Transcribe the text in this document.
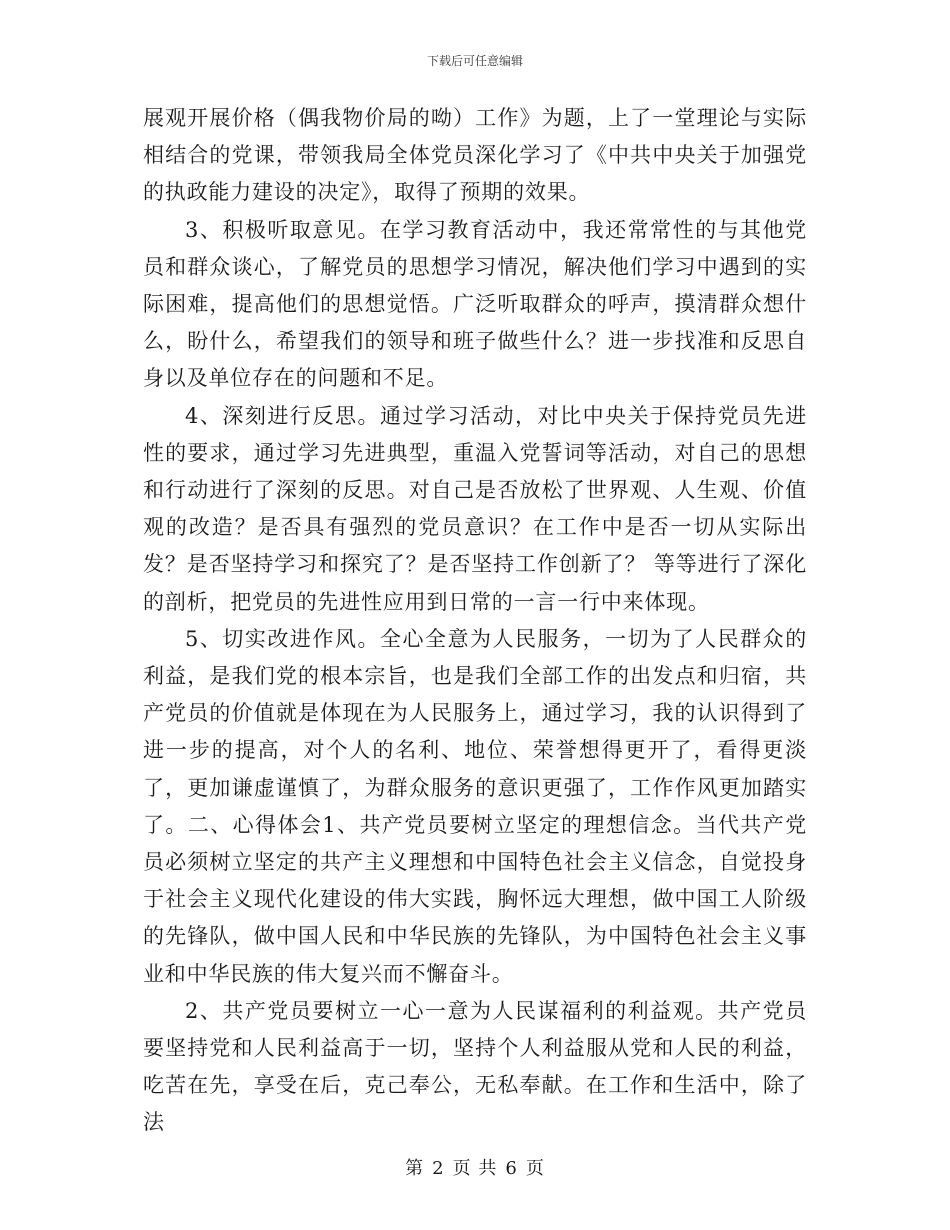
下载后可任意编辑

展观开展价格（偶我物价局的呦）工作》为题，上了一堂理论与实际相结合的党课，带领我局全体党员深化学习了《中共中央关于加强党的执政能力建设的决定》，取得了预期的效果。

3、积极听取意见。在学习教育活动中，我还常常性的与其他党员和群众谈心，了解党员的思想学习情况，解决他们学习中遇到的实际困难，提高他们的思想觉悟。广泛听取群众的呼声，摸清群众想什么，盼什么，希望我们的领导和班子做些什么？进一步找准和反思自身以及单位存在的问题和不足。

4、深刻进行反思。通过学习活动，对比中央关于保持党员先进性的要求，通过学习先进典型，重温入党誓词等活动，对自己的思想和行动进行了深刻的反思。对自己是否放松了世界观、人生观、价值观的改造？是否具有强烈的党员意识？在工作中是否一切从实际出发？是否坚持学习和探究了？是否坚持工作创新了？ 等等进行了深化的剖析，把党员的先进性应用到日常的一言一行中来体现。

5、切实改进作风。全心全意为人民服务，一切为了人民群众的利益，是我们党的根本宗旨，也是我们全部工作的出发点和归宿，共产党员的价值就是体现在为人民服务上，通过学习，我的认识得到了进一步的提高，对个人的名利、地位、荣誉想得更开了，看得更淡了，更加谦虚谨慎了，为群众服务的意识更强了，工作作风更加踏实了。二、心得体会1、共产党员要树立坚定的理想信念。当代共产党员必须树立坚定的共产主义理想和中国特色社会主义信念，自觉投身于社会主义现代化建设的伟大实践，胸怀远大理想，做中国工人阶级的先锋队，做中国人民和中华民族的先锋队，为中国特色社会主义事业和中华民族的伟大复兴而不懈奋斗。

2、共产党员要树立一心一意为人民谋福利的利益观。共产党员要坚持党和人民利益高于一切，坚持个人利益服从党和人民的利益，吃苦在先，享受在后，克己奉公，无私奉献。在工作和生活中，除了法

第 2 页 共 6 页
